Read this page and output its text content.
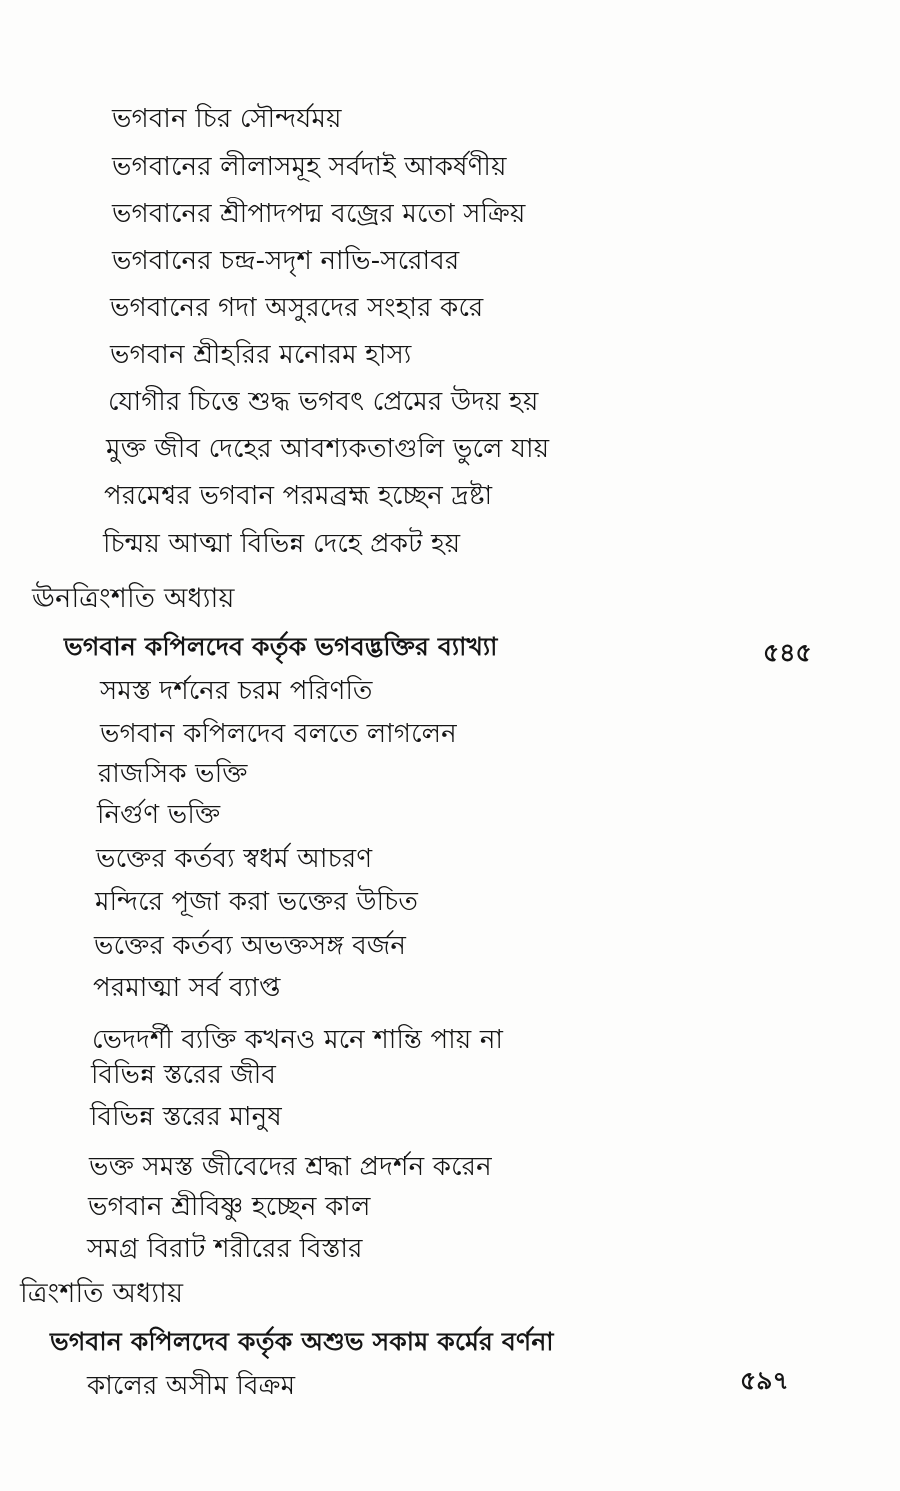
ভগবান চির সৌন্দর্যময়
ভগবানের লীলাসমূহ সর্বদাই আকর্ষণীয়
ভগবানের শ্রীপাদপদ্ম বজ্রের মতো সক্রিয়
ভগবানের চন্দ্র-সদৃশ নাভি-সরোবর
ভগবানের গদা অসুরদের সংহার করে
ভগবান শ্রীহরির মনোরম হাস্য
যোগীর চিত্তে শুদ্ধ ভগবৎ প্রেমের উদয় হয়
মুক্ত জীব দেহের আবশ্যকতাগুলি ভুলে যায়
পরমেশ্বর ভগবান পরমব্রহ্ম হচ্ছেন দ্রষ্টা
চিন্ময় আত্মা বিভিন্ন দেহে প্রকট হয়
ঊনত্রিংশতি অধ্যায়
ভগবান কপিলদেব কর্তৃক ভগবদ্ভক্তির ব্যাখ্যা	৫৪৫
সমস্ত দর্শনের চরম পরিণতি
ভগবান কপিলদেব বলতে লাগলেন
রাজসিক ভক্তি
নির্গুণ ভক্তি
ভক্তের কর্তব্য স্বধর্ম আচরণ
মন্দিরে পূজা করা ভক্তের উচিত
ভক্তের কর্তব্য অভক্তসঙ্গ বর্জন
পরমাত্মা সর্ব ব্যাপ্ত
ভেদদর্শী ব্যক্তি কখনও মনে শান্তি পায় না
বিভিন্ন স্তরের জীব
বিভিন্ন স্তরের মানুষ
ভক্ত সমস্ত জীবেদের শ্রদ্ধা প্রদর্শন করেন
ভগবান শ্রীবিষ্ণু হচ্ছেন কাল
সমগ্র বিরাট শরীরের বিস্তার
ত্রিংশতি অধ্যায়
ভগবান কপিলদেব কর্তৃক অশুভ সকাম কর্মের বর্ণনা
কালের অসীম বিক্রম	৫৯৭
